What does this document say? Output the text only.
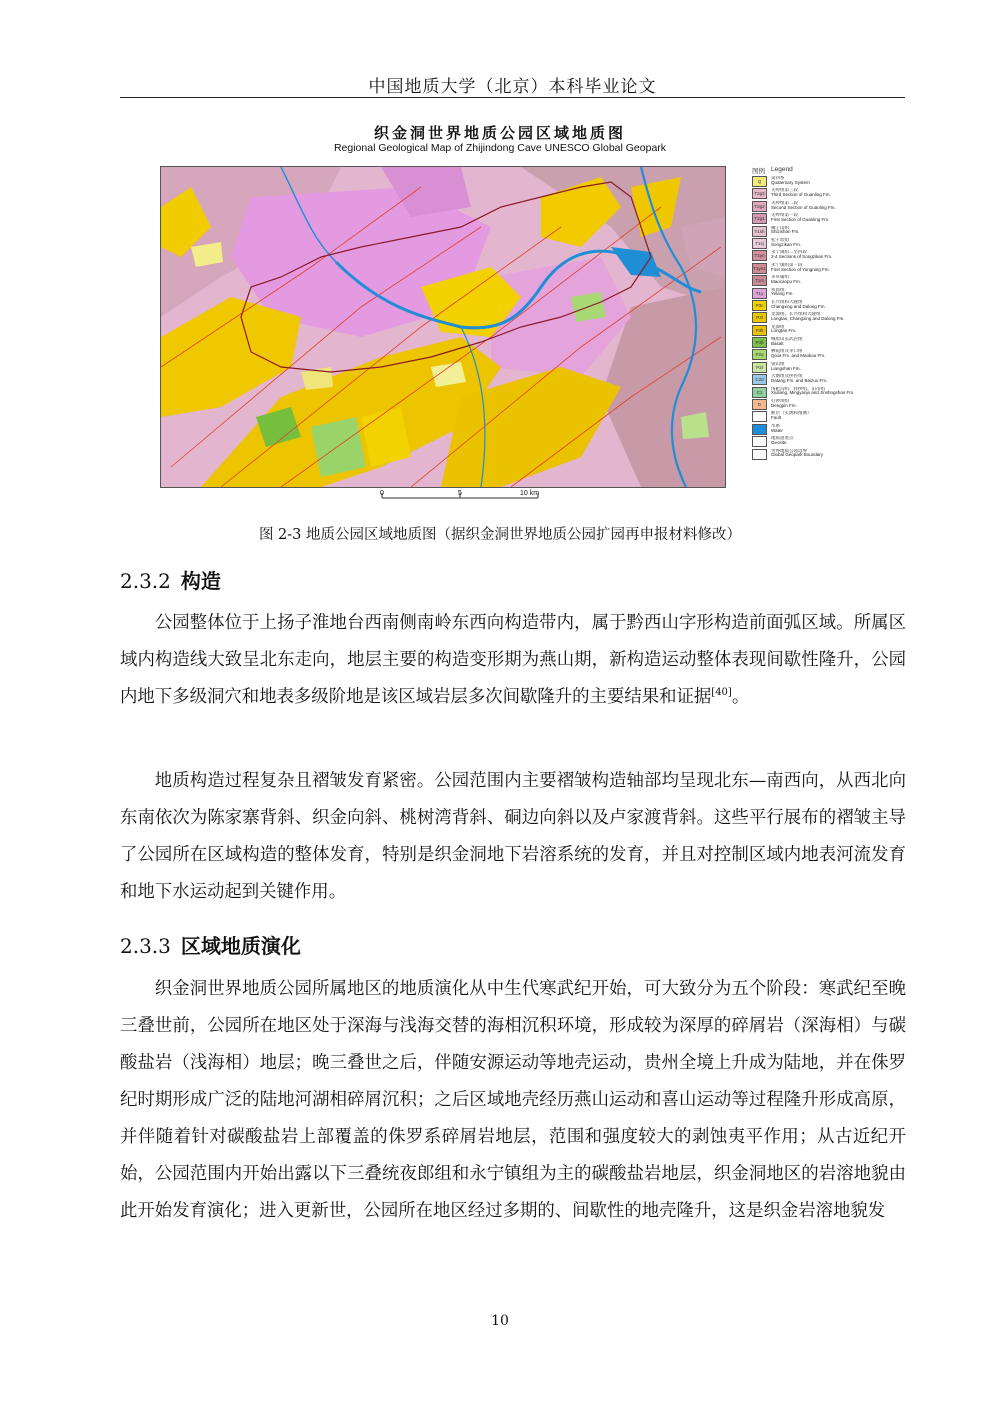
中国地质大学（北京）本科毕业论文
织金洞世界地质公园区域地质图
Regional Geological Map of Zhijindong Cave UNESCO Global Geopark
图例 Legend
Q
第四系
Quaternary System
T2g3
关岭组第三段
Third Section of Guanling Fm.
T2g2
关岭组第二段
Second Section of Guanling Fm.
T2g1
关岭组第一段
First Section of Guanling Fm.
T1sh
狮子山组
Shizishan Fm.
T1sj
松子坎组
Songzikan Fm.
T1yn
永宁镇组二至四段
2-4 Sections of Songzikan Fm.
T1yn1
永宁镇组第一段
First Section of Yongning Fm.
T1m
茅草铺组
Maocaopu Fm.
T1y
夜郎组
Yelang Fm.
P3c
长兴组和大隆组
Changxing and Dalong Fm.
P3l
龙潭组、长兴组和大隆组
Longtan, Changxing and Dalong Fm.
P3lt
龙潭组
Longtan Fm.
P3β
峨眉山玄武岩组
Basalt
P2q
栖霞组及茅口组
Qixia Fm. and Maokou Fm.
P2l
梁山组
Liangshan Fm.
C2d
大塘组及摆佐组
Datang Fm. and Baizuo Fm.
C1
汤耙沟组、祥摆组、旧司组
Xiuliang, Mingyanje and Jinshngshan Fm.
D
打锣坝组
Dengpin Fm.
断层（实测和推测）
Fault
水系
Water
地质遗迹点
Geosite
世界地质公园边界
Global Geopark Boundary
0	5	10 km
图 2-3 地质公园区域地质图（据织金洞世界地质公园扩园再申报材料修改）
2.3.2 构造

公园整体位于上扬子淮地台西南侧南岭东西向构造带内，属于黔西山字形构造前面弧区域。所属区域内构造线大致呈北东走向，地层主要的构造变形期为燕山期，新构造运动整体表现间歇性隆升，公园内地下多级洞穴和地表多级阶地是该区域岩层多次间歇隆升的主要结果和证据[40]。

地质构造过程复杂且褶皱发育紧密。公园范围内主要褶皱构造轴部均呈现北东—南西向，从西北向东南依次为陈家寨背斜、织金向斜、桃树湾背斜、硐边向斜以及卢家渡背斜。这些平行展布的褶皱主导了公园所在区域构造的整体发育，特别是织金洞地下岩溶系统的发育，并且对控制区域内地表河流发育和地下水运动起到关键作用。

2.3.3 区域地质演化

织金洞世界地质公园所属地区的地质演化从中生代寒武纪开始，可大致分为五个阶段：寒武纪至晚三叠世前，公园所在地区处于深海与浅海交替的海相沉积环境，形成较为深厚的碎屑岩（深海相）与碳酸盐岩（浅海相）地层；晚三叠世之后，伴随安源运动等地壳运动，贵州全境上升成为陆地，并在侏罗纪时期形成广泛的陆地河湖相碎屑沉积；之后区域地壳经历燕山运动和喜山运动等过程隆升形成高原，并伴随着针对碳酸盐岩上部覆盖的侏罗系碎屑岩地层，范围和强度较大的剥蚀夷平作用；从古近纪开始，公园范围内开始出露以下三叠统夜郎组和永宁镇组为主的碳酸盐岩地层，织金洞地区的岩溶地貌由此开始发育演化；进入更新世，公园所在地区经过多期的、间歇性的地壳隆升，这是织金岩溶地貌发

10
